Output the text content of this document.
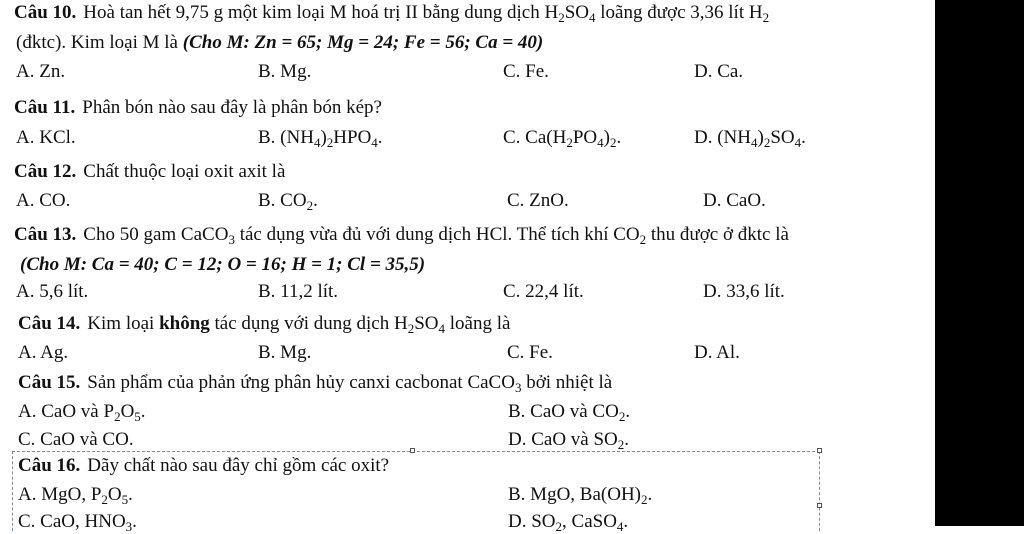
Câu 10. Hoà tan hết 9,75 g một kim loại M hoá trị II bằng dung dịch $H_2SO_4$ loãng được 3,36 lít $H_2$
(đktc). Kim loại M là (Cho M: Zn = 65; Mg = 24; Fe = 56; Ca = 40)
A. Zn.	B. Mg.	C. Fe.	D. Ca.
Câu 11. Phân bón nào sau đây là phân bón kép?
A. KCl.	B. $(NH_4)_2HPO_4$.	C. $Ca(H_2PO_4)_2$.	D. $(NH_4)_2SO_4$.
Câu 12. Chất thuộc loại oxit axit là
A. CO.	B. $CO_2$.	C. ZnO.	D. CaO.
Câu 13. Cho 50 gam CaCO$_3$ tác dụng vừa đủ với dung dịch HCl. Thể tích khí $CO_2$ thu được ở đktc là
(Cho M: Ca = 40; C = 12; O = 16; H = 1; Cl = 35,5)
A. 5,6 lít.	B. 11,2 lít.	C. 22,4 lít.	D. 33,6 lít.
Câu 14. Kim loại không tác dụng với dung dịch $H_2SO_4$ loãng là
A. Ag.	B. Mg.	C. Fe.	D. Al.
Câu 15. Sản phẩm của phản ứng phân hủy canxi cacbonat CaCO$_3$ bởi nhiệt là
A. CaO và $P_2O_5$.	B. CaO và $CO_2$.
C. CaO và CO.	D. CaO và $SO_2$.
Câu 16. Dãy chất nào sau đây chỉ gồm các oxit?
A. MgO, $P_2O_5$.	B. MgO, $Ba(OH)_2$.
C. CaO, $HNO_3$.	D. $SO_2$, CaSO$_4$.
